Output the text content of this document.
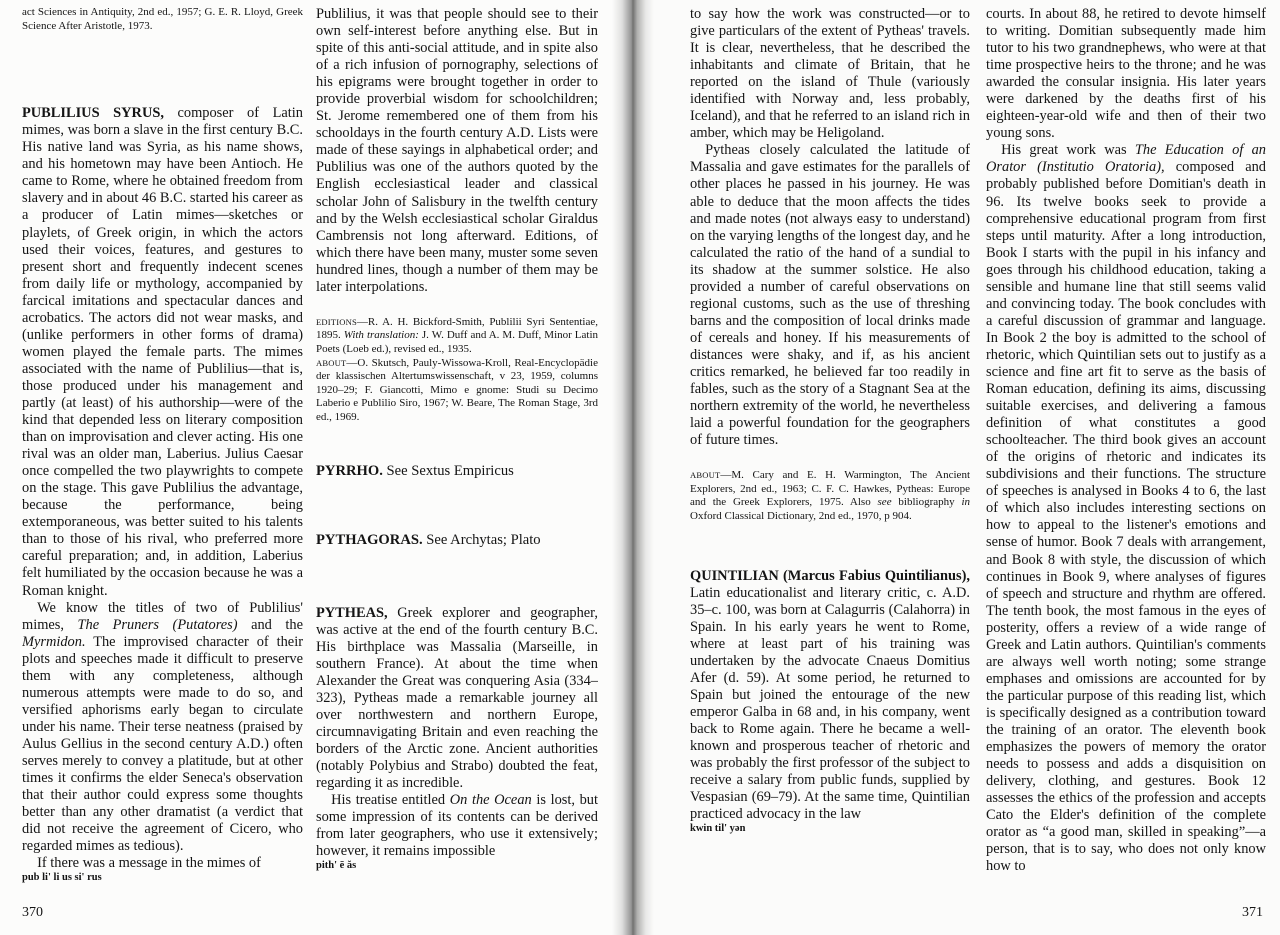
act Sciences in Antiquity, 2nd ed., 1957; G. E. R. Lloyd, Greek Science After Aristotle, 1973.

PUBLILIUS SYRUS, composer of Latin mimes, was born a slave in the first century B.C. His native land was Syria, as his name shows, and his hometown may have been Antioch. He came to Rome, where he obtained freedom from slavery and in about 46 B.C. started his career as a producer of Latin mimes—sketches or playlets, of Greek origin, in which the actors used their voices, features, and gestures to present short and frequently indecent scenes from daily life or mythology, accompanied by farcical imitations and spectacular dances and acrobatics. The actors did not wear masks, and (unlike performers in other forms of drama) women played the female parts. The mimes associated with the name of Publilius—that is, those produced under his management and partly (at least) of his authorship—were of the kind that depended less on literary composition than on improvisation and clever acting. His one rival was an older man, Laberius. Julius Caesar once compelled the two playwrights to compete on the stage. This gave Publilius the advantage, because the performance, being extemporaneous, was better suited to his talents than to those of his rival, who preferred more careful preparation; and, in addition, Laberius felt humiliated by the occasion because he was a Roman knight.

We know the titles of two of Publilius' mimes, The Pruners (Putatores) and the Myrmidon. The improvised character of their plots and speeches made it difficult to preserve them with any completeness, although numerous attempts were made to do so, and versified aphorisms early began to circulate under his name. Their terse neatness (praised by Aulus Gellius in the second century A.D.) often serves merely to convey a platitude, but at other times it confirms the elder Seneca's observation that their author could express some thoughts better than any other dramatist (a verdict that did not receive the agreement of Cicero, who regarded mimes as tedious).

If there was a message in the mimes of

pub li' li us si' rus

Publilius, it was that people should see to their own self-interest before anything else. But in spite of this anti-social attitude, and in spite also of a rich infusion of pornography, selections of his epigrams were brought together in order to provide proverbial wisdom for schoolchildren; St. Jerome remembered one of them from his schooldays in the fourth century A.D. Lists were made of these sayings in alphabetical order; and Publilius was one of the authors quoted by the English ecclesiastical leader and classical scholar John of Salisbury in the twelfth century and by the Welsh ecclesiastical scholar Giraldus Cambrensis not long afterward. Editions, of which there have been many, muster some seven hundred lines, though a number of them may be later interpolations.

EDITIONS—R. A. H. Bickford-Smith, Publilii Syri Sententiae, 1895. With translation: J. W. Duff and A. M. Duff, Minor Latin Poets (Loeb ed.), revised ed., 1935.

ABOUT—O. Skutsch, Pauly-Wissowa-Kroll, Real-Encyclopädie der klassischen Altertumswissenschaft, v 23, 1959, columns 1920–29; F. Giancotti, Mimo e gnome: Studi su Decimo Laberio e Publilio Siro, 1967; W. Beare, The Roman Stage, 3rd ed., 1969.

PYRRHO. See Sextus Empiricus

PYTHAGORAS. See Archytas; Plato

PYTHEAS, Greek explorer and geographer, was active at the end of the fourth century B.C. His birthplace was Massalia (Marseille, in southern France). At about the time when Alexander the Great was conquering Asia (334–323), Pytheas made a remarkable journey all over northwestern and northern Europe, circumnavigating Britain and even reaching the borders of the Arctic zone. Ancient authorities (notably Polybius and Strabo) doubted the feat, regarding it as incredible.

His treatise entitled On the Ocean is lost, but some impression of its contents can be derived from later geographers, who use it extensively; however, it remains impossible

pith' ē ăs
370

to say how the work was constructed—or to give particulars of the extent of Pytheas' travels. It is clear, nevertheless, that he described the inhabitants and climate of Britain, that he reported on the island of Thule (variously identified with Norway and, less probably, Iceland), and that he referred to an island rich in amber, which may be Heligoland.

Pytheas closely calculated the latitude of Massalia and gave estimates for the parallels of other places he passed in his journey. He was able to deduce that the moon affects the tides and made notes (not always easy to understand) on the varying lengths of the longest day, and he calculated the ratio of the hand of a sundial to its shadow at the summer solstice. He also provided a number of careful observations on regional customs, such as the use of threshing barns and the composition of local drinks made of cereals and honey. If his measurements of distances were shaky, and if, as his ancient critics remarked, he believed far too readily in fables, such as the story of a Stagnant Sea at the northern extremity of the world, he nevertheless laid a powerful foundation for the geographers of future times.

ABOUT—M. Cary and E. H. Warmington, The Ancient Explorers, 2nd ed., 1963; C. F. C. Hawkes, Pytheas: Europe and the Greek Explorers, 1975. Also see bibliography in Oxford Classical Dictionary, 2nd ed., 1970, p 904.

QUINTILIAN (Marcus Fabius Quintilianus), Latin educationalist and literary critic, c. A.D. 35–c. 100, was born at Calagurris (Calahorra) in Spain. In his early years he went to Rome, where at least part of his training was undertaken by the advocate Cnaeus Domitius Afer (d. 59). At some period, he returned to Spain but joined the entourage of the new emperor Galba in 68 and, in his company, went back to Rome again. There he became a well-known and prosperous teacher of rhetoric and was probably the first professor of the subject to receive a salary from public funds, supplied by Vespasian (69–79). At the same time, Quintilian practiced advocacy in the law

kwin til' yən

courts. In about 88, he retired to devote himself to writing. Domitian subsequently made him tutor to his two grandnephews, who were at that time prospective heirs to the throne; and he was awarded the consular insignia. His later years were darkened by the deaths first of his eighteen-year-old wife and then of their two young sons.

His great work was The Education of an Orator (Institutio Oratoria), composed and probably published before Domitian's death in 96. Its twelve books seek to provide a comprehensive educational program from first steps until maturity. After a long introduction, Book I starts with the pupil in his infancy and goes through his childhood education, taking a sensible and humane line that still seems valid and convincing today. The book concludes with a careful discussion of grammar and language. In Book 2 the boy is admitted to the school of rhetoric, which Quintilian sets out to justify as a science and fine art fit to serve as the basis of Roman education, defining its aims, discussing suitable exercises, and delivering a famous definition of what constitutes a good schoolteacher. The third book gives an account of the origins of rhetoric and indicates its subdivisions and their functions. The structure of speeches is analysed in Books 4 to 6, the last of which also includes interesting sections on how to appeal to the listener's emotions and sense of humor. Book 7 deals with arrangement, and Book 8 with style, the discussion of which continues in Book 9, where analyses of figures of speech and structure and rhythm are offered. The tenth book, the most famous in the eyes of posterity, offers a review of a wide range of Greek and Latin authors. Quintilian's comments are always well worth noting; some strange emphases and omissions are accounted for by the particular purpose of this reading list, which is specifically designed as a contribution toward the training of an orator. The eleventh book emphasizes the powers of memory the orator needs to possess and adds a disquisition on delivery, clothing, and gestures. Book 12 assesses the ethics of the profession and accepts Cato the Elder's definition of the complete orator as “a good man, skilled in speaking”—a person, that is to say, who does not only know how to

371
